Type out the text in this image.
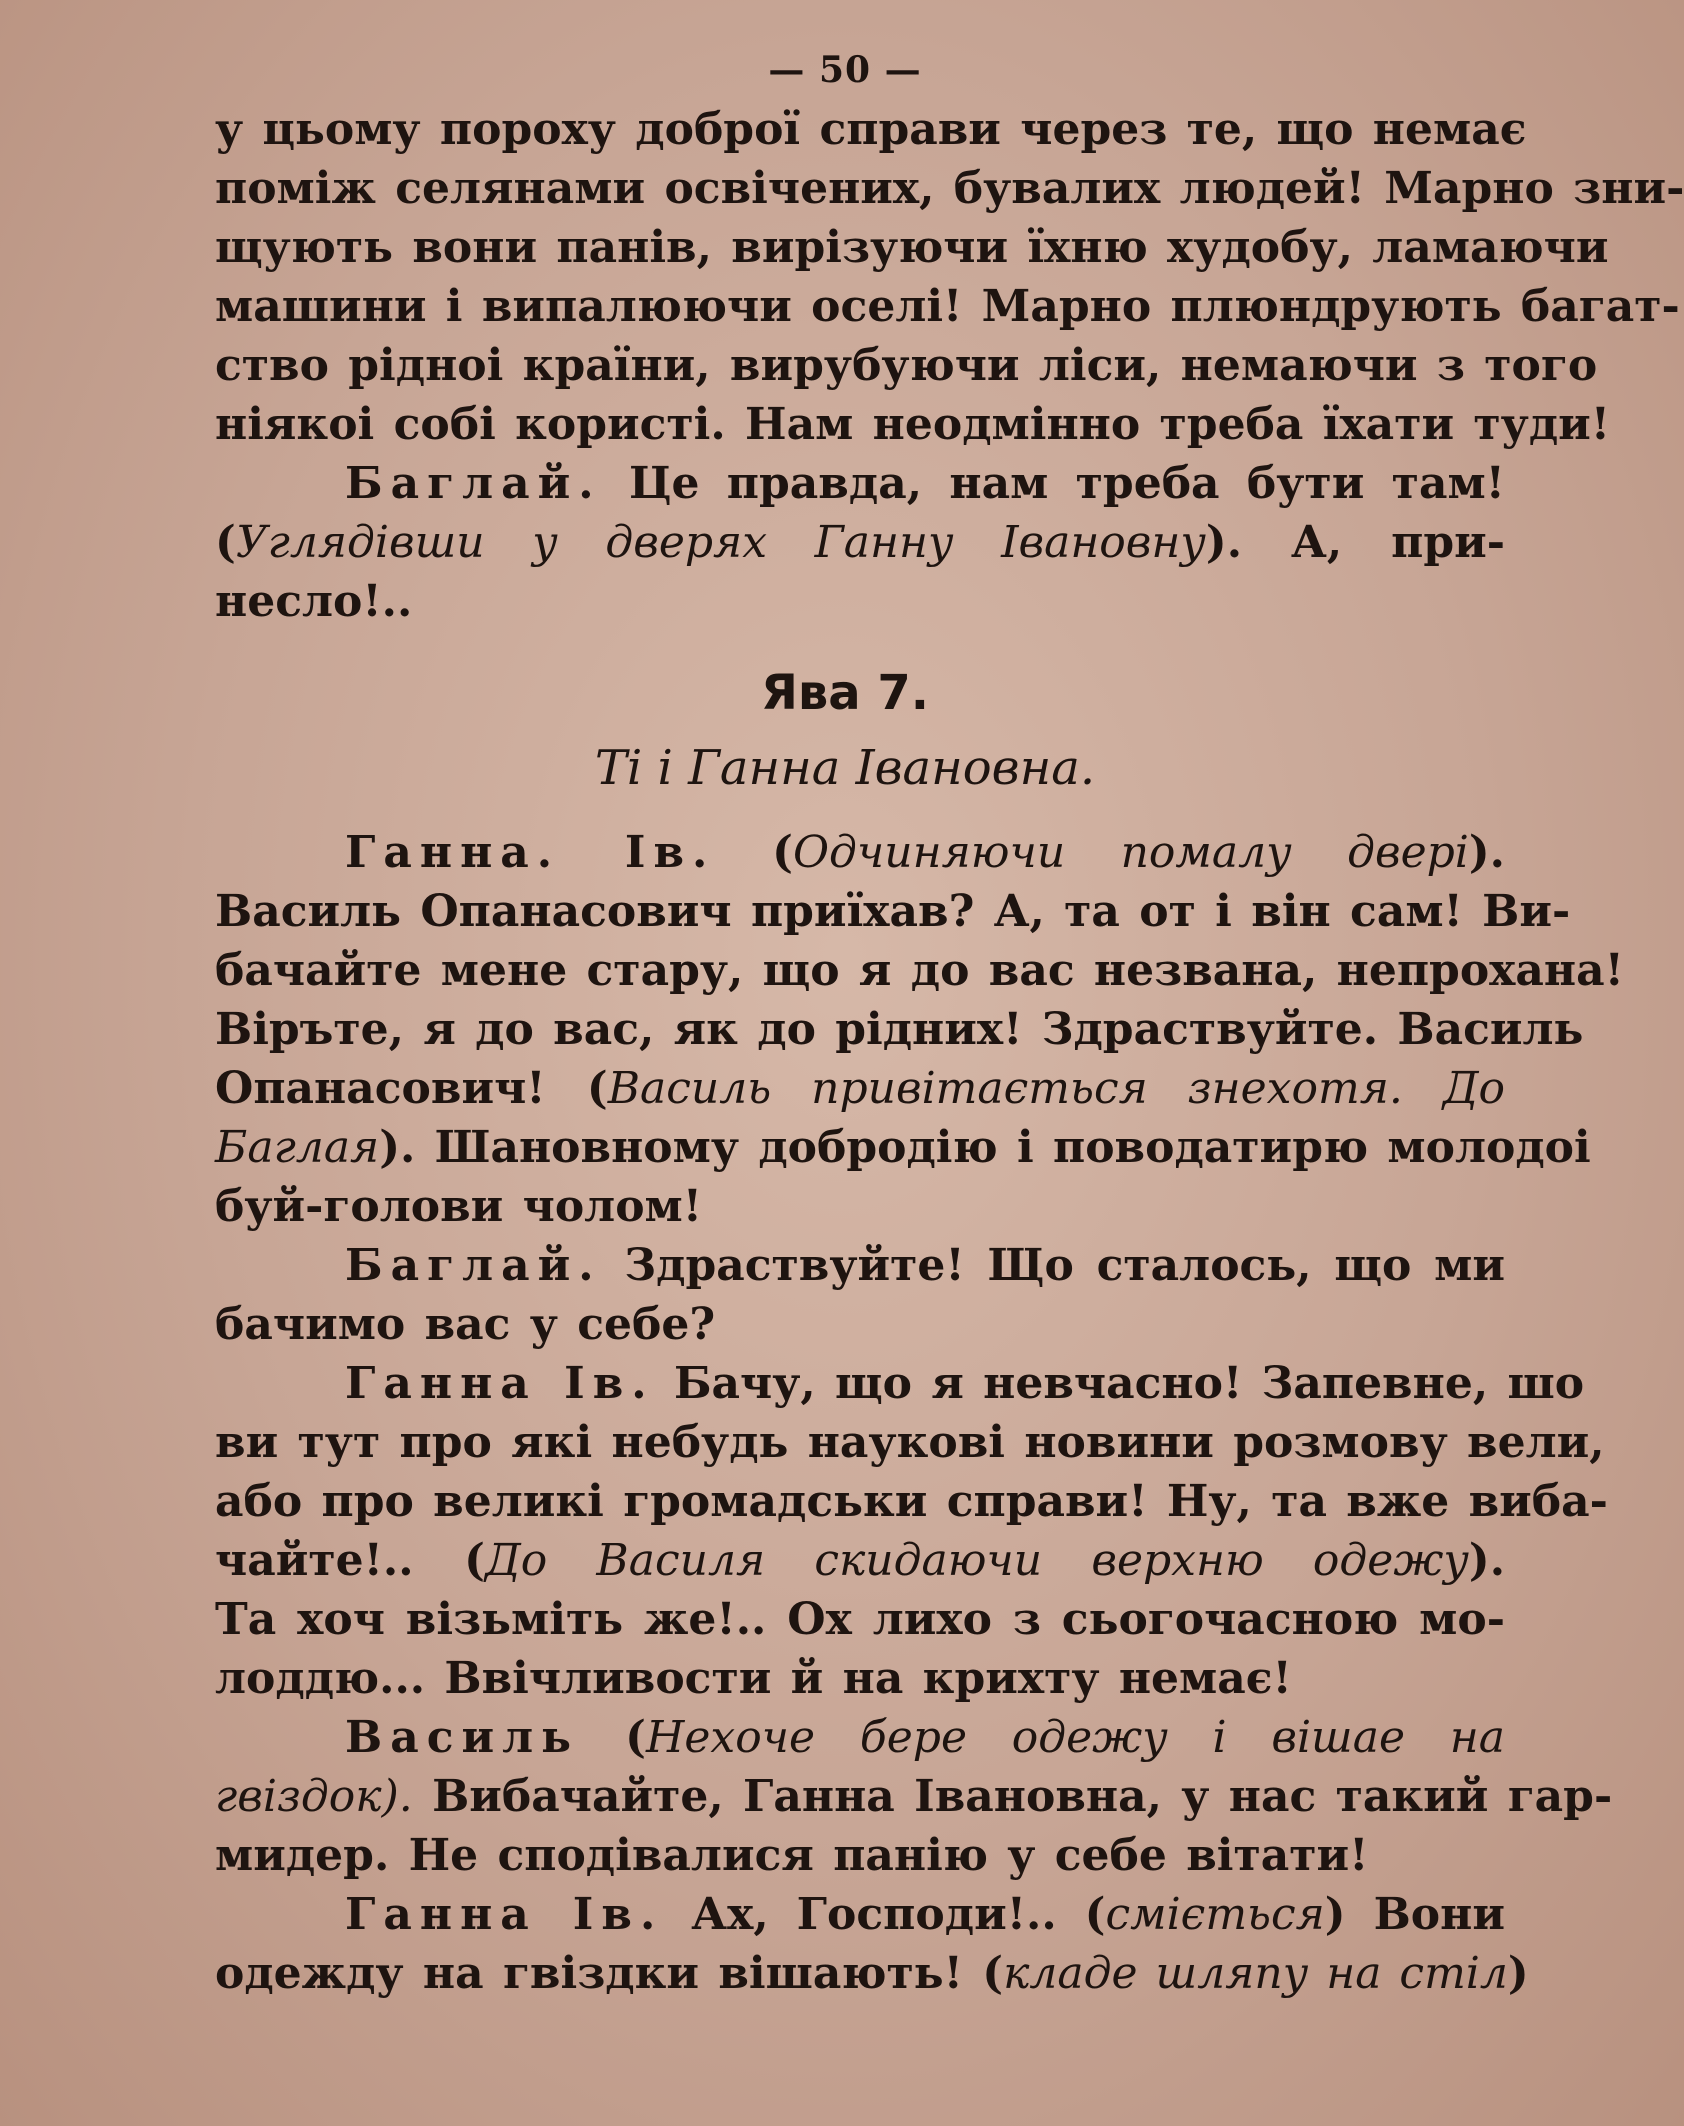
— 50 —
у цьому пороху доброї справи через те, що немає
поміж селянами освічених, бувалих людей! Марно зни-
щують вони панів, вирізуючи їхню худобу, ламаючи
машини і випалюючи оселі! Марно плюндрують багат-
ство рідноі країни, вирубуючи ліси, немаючи з того
ніякоі собі користі. Нам неодмінно треба їхати туди!
Баглай. Це правда, нам треба бути там!
(Углядівши у дверях Ганну Івановну). А, при-
несло!..
Ява 7.
Ті і Ганна Івановна.
Ганна. Ів. (Одчиняючи помалу двері).
Василь Опанасович приїхав? А, та от і він сам! Ви-
бачайте мене стару, що я до вас незвана, непрохана!
Віръте, я до вас, як до рідних! Здраствуйте. Василь
Опанасович! (Василь привітається знехотя. До
Баглая). Шановному добродію і поводатирю молодоі
буй-голови чолом!
Баглай. Здраствуйте! Що сталось, що ми
бачимо вас у себе?
Ганна Ів. Бачу, що я невчасно! Запевне, шо
ви тут про які небудь наукові новини розмову вели,
або про великі громадськи справи! Ну, та вже виба-
чайте!.. (До Василя скидаючи верхню одежу).
Та хоч візьміть же!.. Ох лихо з сьогочасною мо-
лоддю... Ввічливости й на крихту немає!
Василь (Нехоче бере одежу і вішае на
гвіздок). Вибачайте, Ганна Івановна, у нас такий гар-
мидер. Не сподівалися панію у себе вітати!
Ганна Ів. Ах, Господи!.. (сміється) Вони
одежду на гвіздки вішають! (кладе шляпу на стіл)
